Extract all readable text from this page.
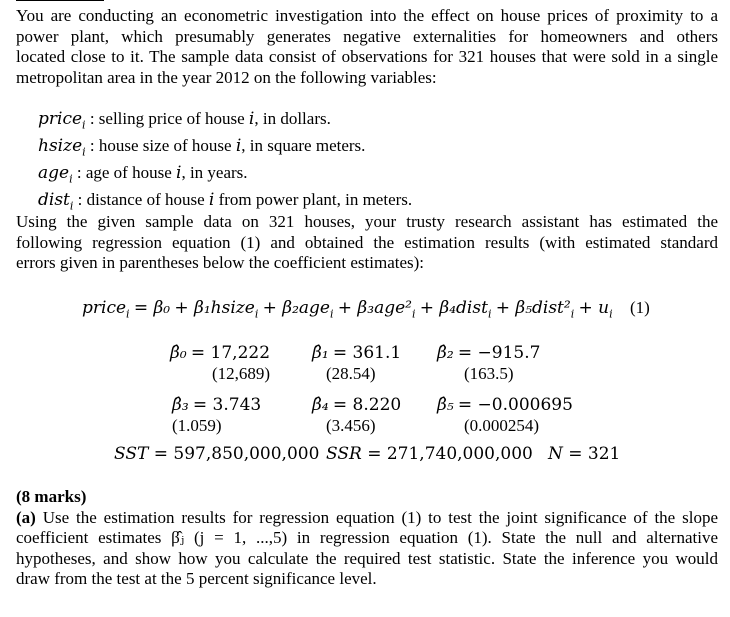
You are conducting an econometric investigation into the effect on house prices of proximity to a
power plant, which presumably generates negative externalities for homeowners and others
located close to it. The sample data consist of observations for 321 houses that were sold in a single
metropolitan area in the year 2012 on the following variables:
price$_i$ : selling price of house i, in dollars.
hsize$_i$ : house size of house i, in square meters.
age$_i$ : age of house i, in years.
dist$_i$ : distance of house i from power plant, in meters.
Using the given sample data on 321 houses, your trusty research assistant has estimated the
following regression equation (1) and obtained the estimation results (with estimated standard
errors given in parentheses below the coefficient estimates):
price$_i$ = β₀ + β₁hsize$_i$ + $\beta_2age_i + \beta_3age^2_i$ + β₄dist$_i$ + $\beta_5dist^2_i + u_i$ (1)
β̂₀ = 17,222
(12,689)
β̂₁ = 361.1
(28.54)
β̂₂ = −915.7
(163.5)
β̂₃ = 3.743
(1.059)
β̂₄ = 8.220
(3.456)
β̂₅ = −0.000695
(0.000254)
SST = 597,850,000,000 SSR = 271,740,000,000 N = 321
(8 marks)
(a) Use the estimation results for regression equation (1) to test the joint significance of the slope
coefficient estimates β̂ⱼ (j = 1, ...,5) in regression equation (1). State the null and alternative
hypotheses, and show how you calculate the required test statistic. State the inference you would
draw from the test at the 5 percent significance level.
